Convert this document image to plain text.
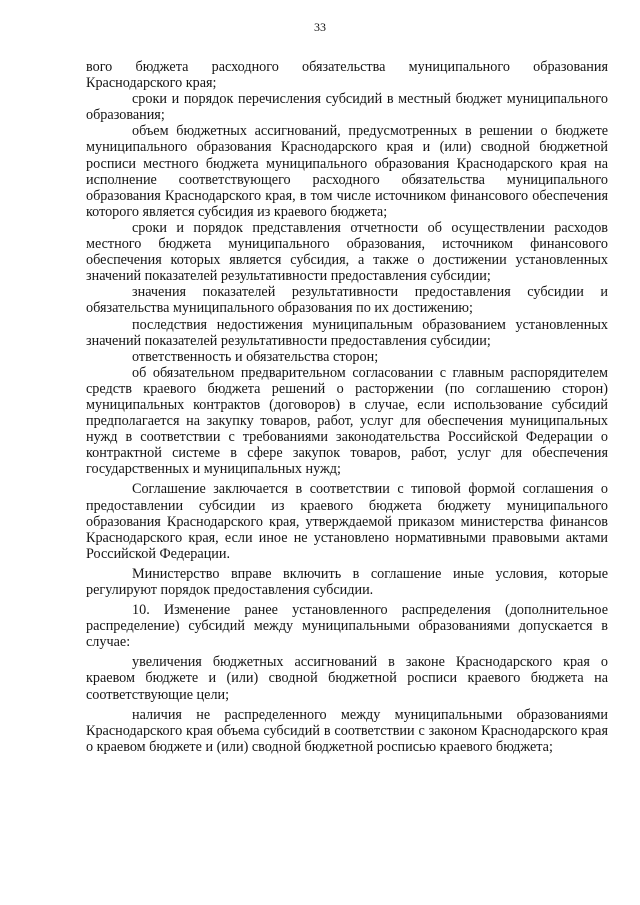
33

вого бюджета расходного обязательства муниципального образования Краснодарского края;

сроки и порядок перечисления субсидий в местный бюджет муниципального образования;

объем бюджетных ассигнований, предусмотренных в решении о бюджете муниципального образования Краснодарского края и (или) сводной бюджетной росписи местного бюджета муниципального образования Краснодарского края на исполнение соответствующего расходного обязательства муниципального образования Краснодарского края, в том числе источником финансового обеспечения которого является субсидия из краевого бюджета;

сроки и порядок представления отчетности об осуществлении расходов местного бюджета муниципального образования, источником финансового обеспечения которых является субсидия, а также о достижении установленных значений показателей результативности предоставления субсидии;

значения показателей результативности предоставления субсидии и обязательства муниципального образования по их достижению;

последствия недостижения муниципальным образованием установленных значений показателей результативности предоставления субсидии;

ответственность и обязательства сторон;

об обязательном предварительном согласовании с главным распорядителем средств краевого бюджета решений о расторжении (по соглашению сторон) муниципальных контрактов (договоров) в случае, если использование субсидий предполагается на закупку товаров, работ, услуг для обеспечения муниципальных нужд в соответствии с требованиями законодательства Российской Федерации о контрактной системе в сфере закупок товаров, работ, услуг для обеспечения государственных и муниципальных нужд;

Соглашение заключается в соответствии с типовой формой соглашения о предоставлении субсидии из краевого бюджета бюджету муниципального образования Краснодарского края, утверждаемой приказом министерства финансов Краснодарского края, если иное не установлено нормативными правовыми актами Российской Федерации.

Министерство вправе включить в соглашение иные условия, которые регулируют порядок предоставления субсидии.

10. Изменение ранее установленного распределения (дополнительное распределение) субсидий между муниципальными образованиями допускается в случае:

увеличения бюджетных ассигнований в законе Краснодарского края о краевом бюджете и (или) сводной бюджетной росписи краевого бюджета на соответствующие цели;

наличия не распределенного между муниципальными образованиями Краснодарского края объема субсидий в соответствии с законом Краснодарского края о краевом бюджете и (или) сводной бюджетной росписью краевого бюджета;
